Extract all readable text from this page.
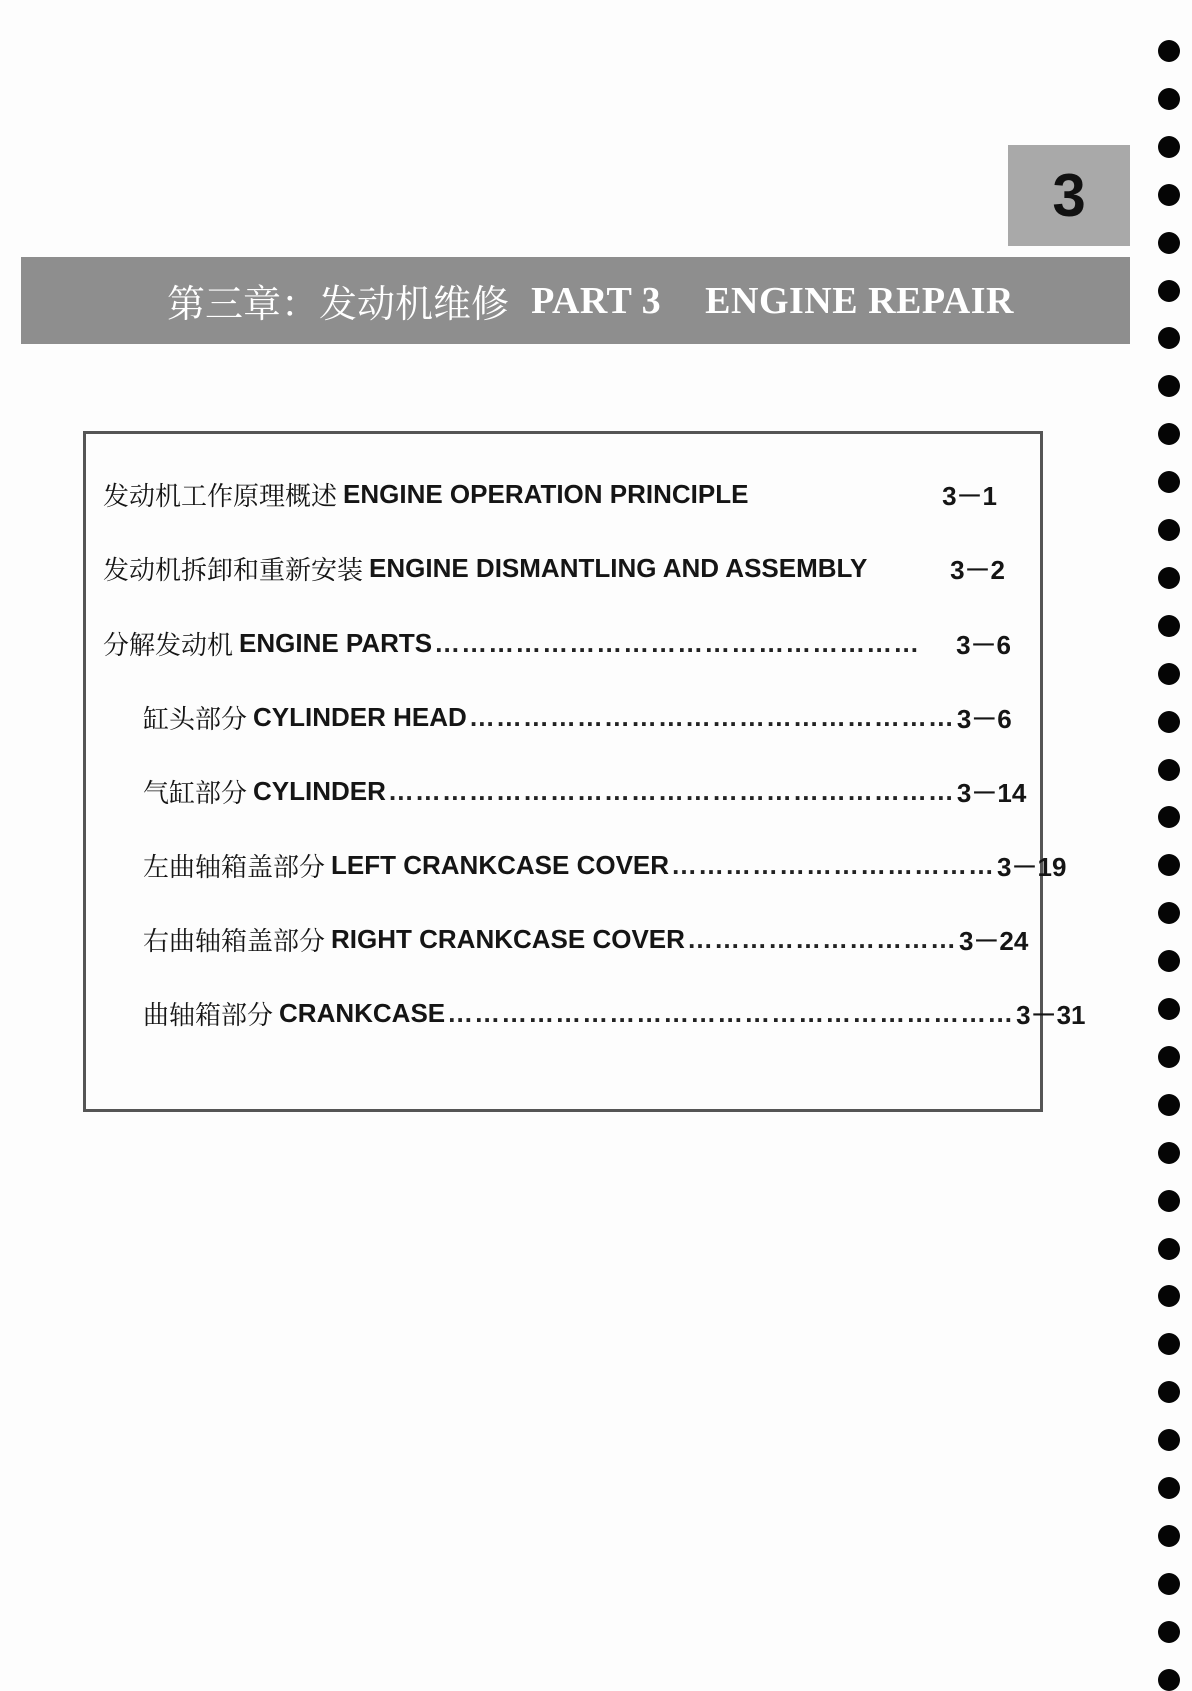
3
第三章：发动机维修 PART 3 ENGINE REPAIR
发动机工作原理概述 ENGINE OPERATION PRINCIPLE	3－1
发动机拆卸和重新安装 ENGINE DISMANTLING AND ASSEMBLY	3－2
分解发动机 ENGINE PARTS ……………………………………………… 3－6
缸头部分 CYLINDER HEAD ……………………………………………… 3－6
气缸部分 CYLINDER ……………………………………………………… 3－14
左曲轴箱盖部分 LEFT CRANKCASE COVER ……………………………… 3－19
右曲轴箱盖部分 RIGHT CRANKCASE COVER ………………………… 3－24
曲轴箱部分 CRANKCASE ……………………………………………………… 3－31
